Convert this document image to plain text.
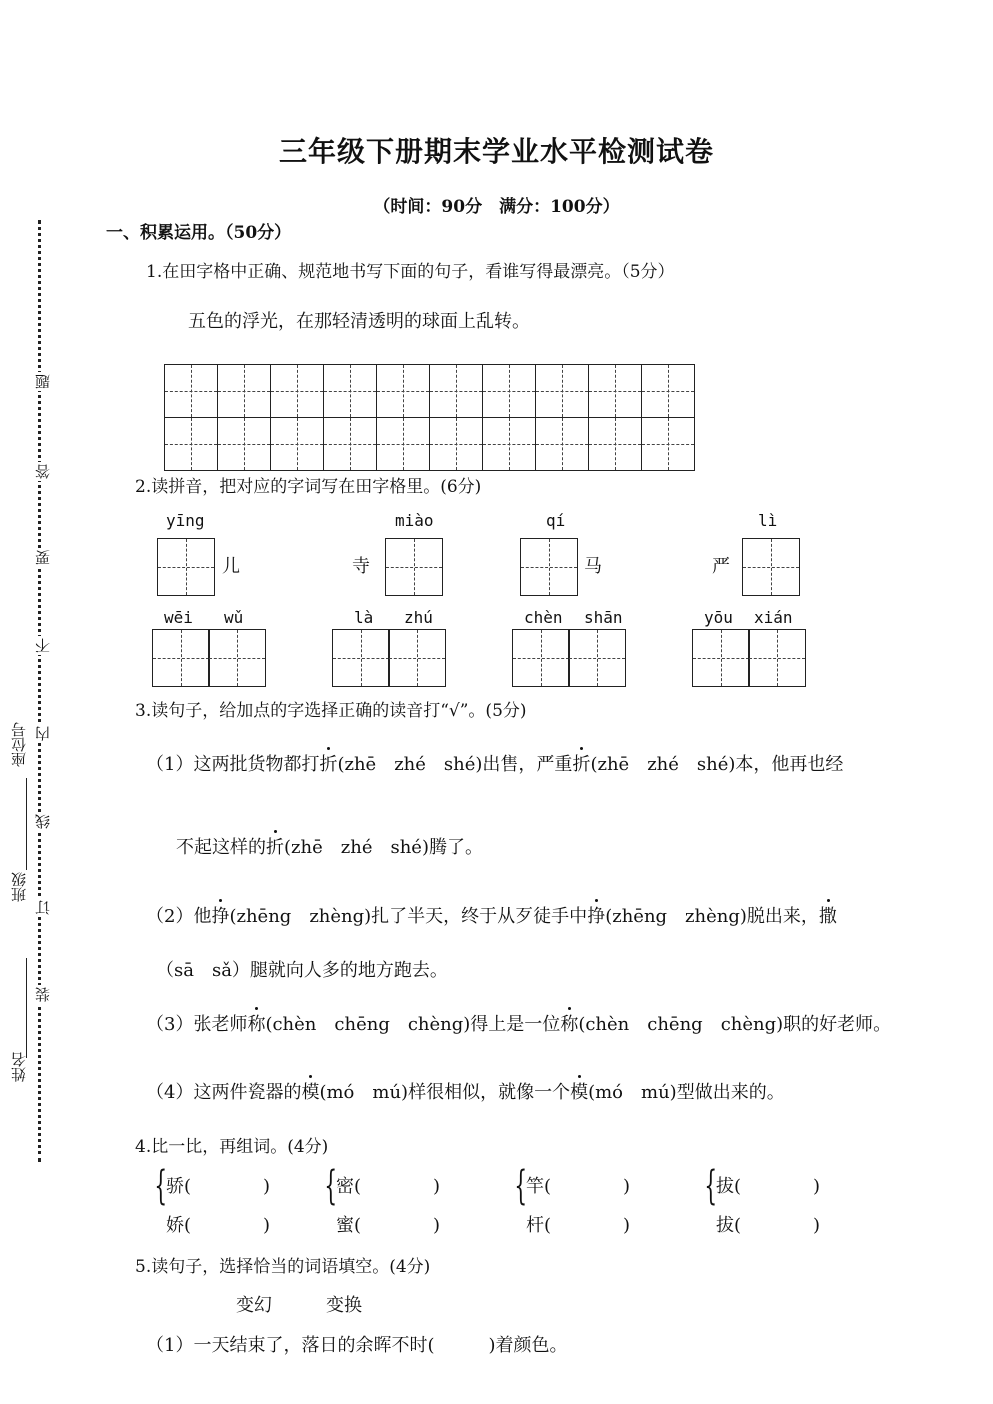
三年级下册期末学业水平检测试卷
（时间：90分　满分：100分）
题
答
要
不
内
线
订
装
座位号
班级
姓名
一、积累运用。（50分）
1.在田字格中正确、规范地书写下面的句子，看谁写得最漂亮。（5分）
五色的浮光，在那轻清透明的球面上乱转。
2.读拼音，把对应的字词写在田字格里。(6分)
yīng
儿
miào
寺
qí
马
lì
严
wēi wǔ	là zhú	chèn shān	yōu xián
3.读句子，给加点的字选择正确的读音打“√”。(5分)
（1）这两批货物都打折(zhē　zhé　shé)出售，严重折(zhē　zhé　shé)本，他再也经
不起这样的折(zhē　zhé　shé)腾了。
（2）他挣(zhēng　zhèng)扎了半天，终于从歹徒手中挣(zhēng　zhèng)脱出来，撒
（sā　sǎ）腿就向人多的地方跑去。
（3）张老师称(chèn　chēng　chèng)得上是一位称(chèn　chēng　chèng)职的好老师。
（4）这两件瓷器的模(mó　mú)样很相似，就像一个模(mó　mú)型做出来的。
4.比一比，再组词。(4分)
{
骄(　　　　)
娇(　　　　)
{
密(　　　　)
蜜(　　　　)
{
竿(　　　　)
杆(　　　　)
{
拔(　　　　)
拔(　　　　)
5.读句子，选择恰当的词语填空。(4分)
变幻　　　变换
（1）一天结束了，落日的余晖不时(　　　)着颜色。
